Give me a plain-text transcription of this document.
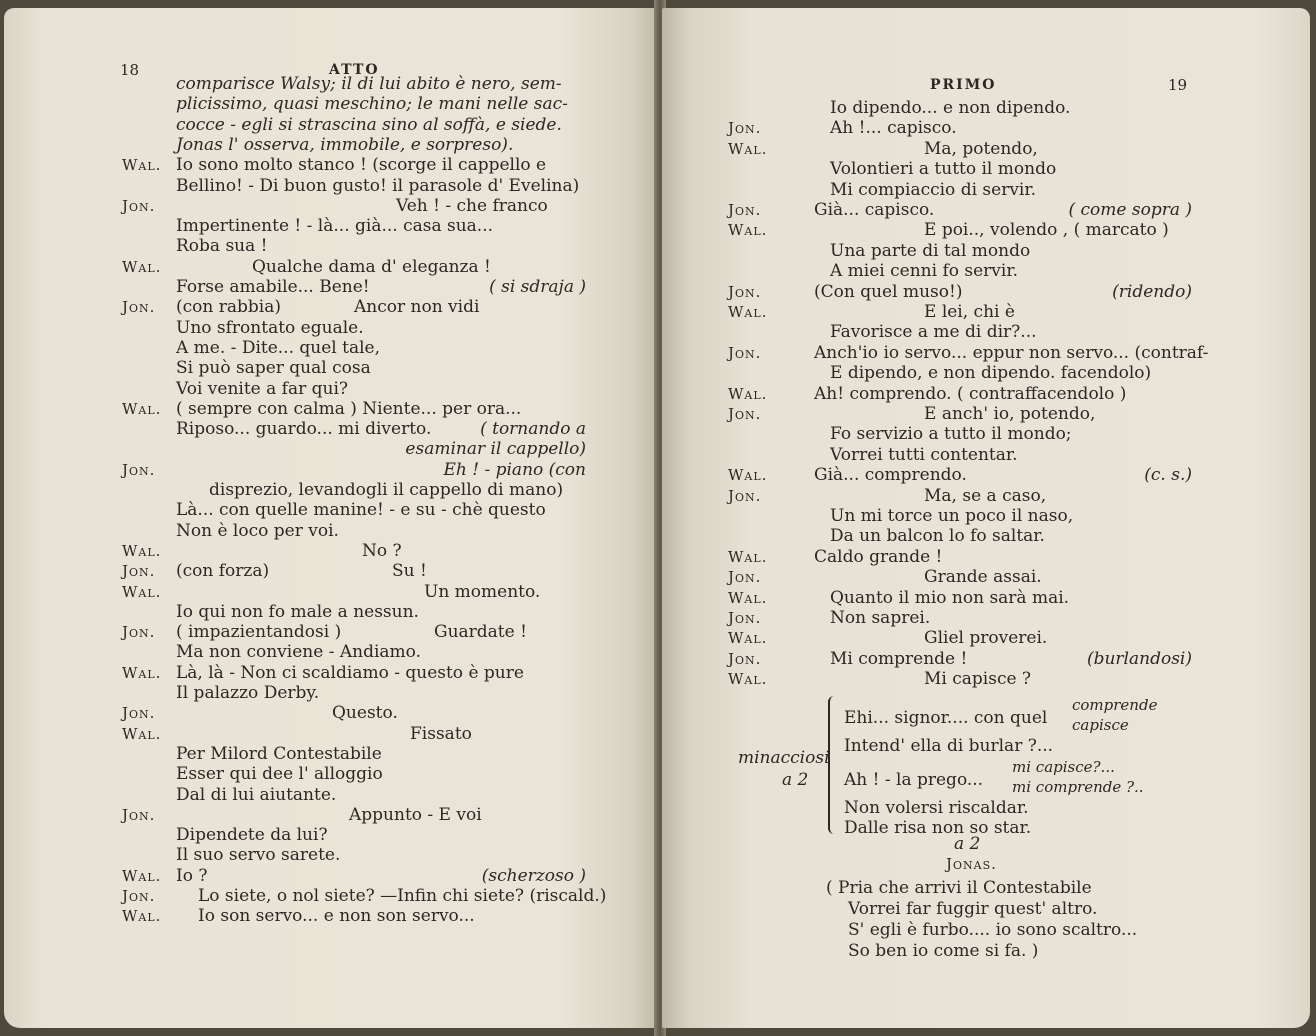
18	ATTO
comparisce Walsy; il di lui abito è nero, sem-
plicissimo, quasi meschino; le mani nelle sac-
cocce - egli si strascina sino al soffà, e siede.
Jonas l' osserva, immobile, e sorpreso).
Wal. Io sono molto stanco ! (scorge il cappello e
Bellino! - Di buon gusto! il parasole d' Evelina)
Jon.	Veh ! - che franco
Impertinente ! - là... già... casa sua...
Roba sua !
Wal.	Qualche dama d' eleganza !
Forse amabile... Bene!	( si sdraja )
Jon. (con rabbia)	Ancor non vidi
Uno sfrontato eguale.
A me. - Dite... quel tale,
Si può saper qual cosa
Voi venite a far qui?
Wal. ( sempre con calma ) Niente... per ora...
Riposo... guardo... mi diverto.	( tornando a
esaminar il cappello)
Jon.	Eh ! - piano (con
disprezio, levandogli il cappello di mano)
Là... con quelle manine! - e su - chè questo
Non è loco per voi.
Wal.	No ?
Jon. (con forza)	Su !
Wal.	Un momento.
Io qui non fo male a nessun.
Jon. ( impazientandosi )	Guardate !
Ma non conviene - Andiamo.
Wal. Là, là - Non ci scaldiamo - questo è pure
Il palazzo Derby.
Jon.	Questo.
Wal.	Fissato
Per Milord Contestabile
Esser qui dee l' alloggio
Dal di lui aiutante.
Jon.	Appunto - E voi
Dipendete da lui?
Il suo servo sarete.
Wal. Io ?	(scherzoso )
Jon.	Lo siete, o nol siete? —Infin chi siete? (riscald.)
Wal. Io son servo... e non son servo...
PRIMO	19
Io dipendo... e non dipendo.
Jon.	Ah !... capisco.
Wal.	Ma, potendo,
Volontieri a tutto il mondo
Mi compiaccio di servir.
Jon.	Già... capisco.	( come sopra )
Wal.	E poi.., volendo , ( marcato )
Una parte di tal mondo
A miei cenni fo servir.
Jon.	(Con quel muso!)	(ridendo)
Wal.	E lei, chi è
Favorisce a me di dir?...
Jon.	Anch'io io servo... eppur non servo... (contraf-
E dipendo, e non dipendo. facendolo)
Wal.	Ah! comprendo. ( contraffacendolo )
Jon.	E anch' io, potendo,
Fo servizio a tutto il mondo;
Vorrei tutti contentar.
Wal.	Già... comprendo.	(c. s.)
Jon.	Ma, se a caso,
Un mi torce un poco il naso,
Da un balcon lo fo saltar.
Wal.	Caldo grande !
Jon.	Grande assai.
Wal.	Quanto il mio non sarà mai.
Jon.	Non saprei.
Wal.	Gliel proverei.
Jon.	Mi comprende !	(burlandosi)
Wal.	Mi capisce ?
minacciosi
a 2
Ehi... signor.... con quel
comprende
capisce
Intend' ella di burlar ?...
Ah ! - la prego...
mi capisce?...
mi comprende ?..
Non volersi riscaldar.
Dalle risa non so star.
a 2
Jonas.
( Pria che arrivi il Contestabile
Vorrei far fuggir quest' altro.
S' egli è furbo.... io sono scaltro...
So ben io come si fa. )
